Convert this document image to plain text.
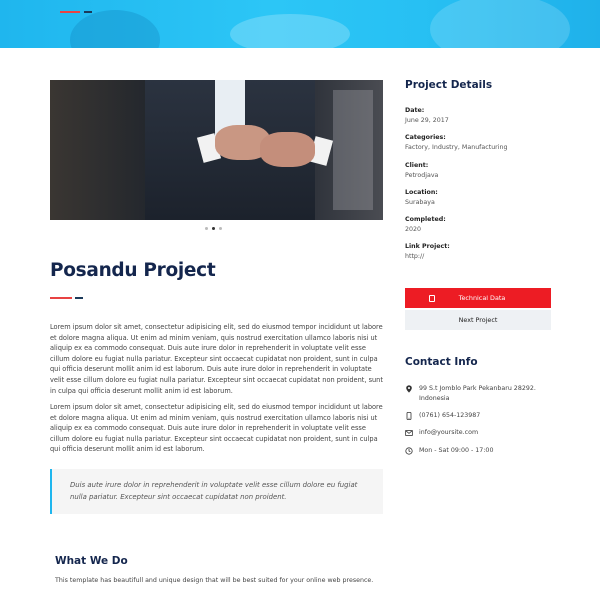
Posandu Project

Lorem ipsum dolor sit amet, consectetur adipisicing elit, sed do eiusmod tempor incididunt ut labore et dolore magna aliqua. Ut enim ad minim veniam, quis nostrud exercitation ullamco laboris nisi ut aliquip ex ea commodo consequat. Duis aute irure dolor in reprehenderit in voluptate velit esse cillum dolore eu fugiat nulla pariatur. Excepteur sint occaecat cupidatat non proident, sunt in culpa qui officia deserunt mollit anim id est laborum. Duis aute irure dolor in reprehenderit in voluptate velit esse cillum dolore eu fugiat nulla pariatur. Excepteur sint occaecat cupidatat non proident, sunt in culpa qui officia deserunt mollit anim id est laborum.

Lorem ipsum dolor sit amet, consectetur adipisicing elit, sed do eiusmod tempor incididunt ut labore et dolore magna aliqua. Ut enim ad minim veniam, quis nostrud exercitation ullamco laboris nisi ut aliquip ex ea commodo consequat. Duis aute irure dolor in reprehenderit in voluptate velit esse cillum dolore eu fugiat nulla pariatur. Excepteur sint occaecat cupidatat non proident, sunt in culpa qui officia deserunt mollit anim id est laborum.

Duis aute irure dolor in reprehenderit in voluptate velit esse cillum dolore eu fugiat nulla pariatur. Excepteur sint occaecat cupidatat non proident.
What We Do

This template has beautifull and unique design that will be best suited for your online web presence.

Project Details
Date:
June 29, 2017
Categories:
Factory, Industry, Manufacturing
Client:
Petrodjava
Location:
Surabaya
Completed:
2020
Link Project:
http://
Technical Data
Next Project
Contact Info
99 S.t Jomblo Park Pekanbaru 28292. Indonesia
(0761) 654-123987
info@yoursite.com
Mon - Sat 09:00 - 17:00
